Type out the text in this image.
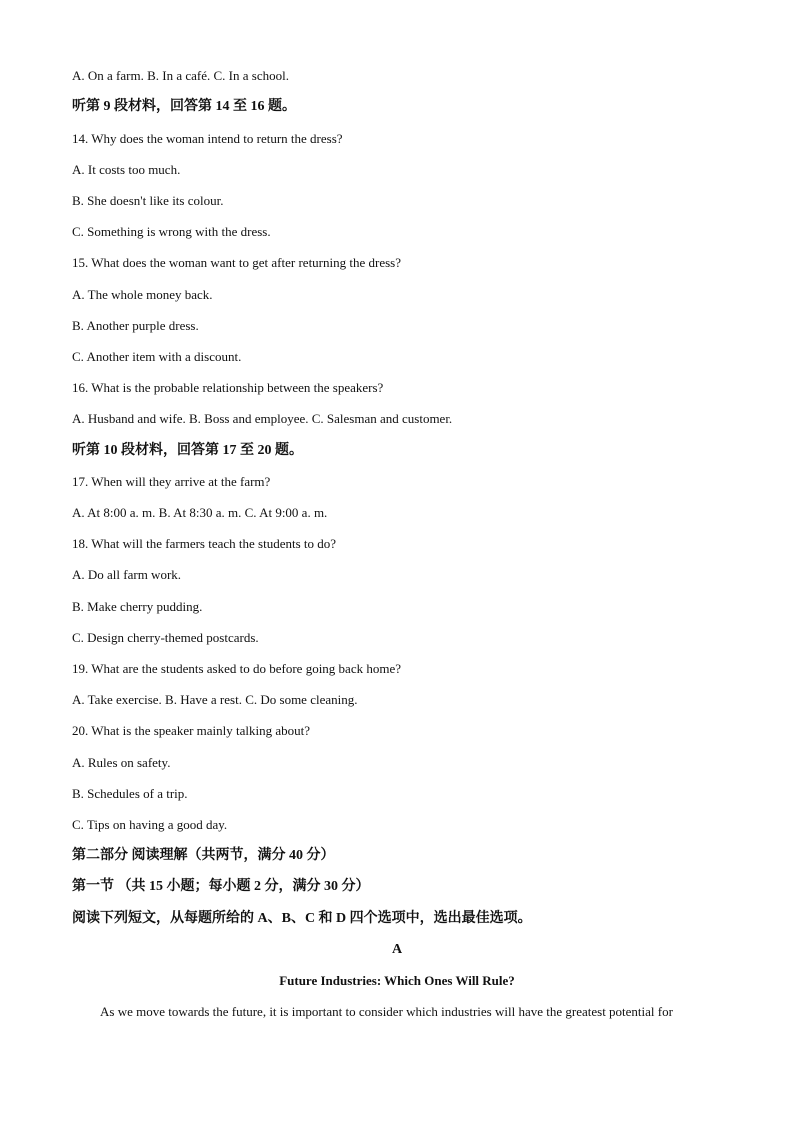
A. On a farm. B. In a café. C. In a school.
听第 9 段材料，回答第 14 至 16 题。
14. Why does the woman intend to return the dress?
A. It costs too much.
B. She doesn't like its colour.
C. Something is wrong with the dress.
15. What does the woman want to get after returning the dress?
A. The whole money back.
B. Another purple dress.
C. Another item with a discount.
16. What is the probable relationship between the speakers?
A. Husband and wife. B. Boss and employee. C. Salesman and customer.
听第 10 段材料，回答第 17 至 20 题。
17. When will they arrive at the farm?
A. At 8:00 a. m. B. At 8:30 a. m. C. At 9:00 a. m.
18. What will the farmers teach the students to do?
A. Do all farm work.
B. Make cherry pudding.
C. Design cherry-themed postcards.
19. What are the students asked to do before going back home?
A. Take exercise. B. Have a rest. C. Do some cleaning.
20. What is the speaker mainly talking about?
A. Rules on safety.
B. Schedules of a trip.
C. Tips on having a good day.
第二部分 阅读理解（共两节，满分 40 分）
第一节 （共 15 小题；每小题 2 分，满分 30 分）
阅读下列短文，从每题所给的 A、B、C 和 D 四个选项中，选出最佳选项。
A
Future Industries: Which Ones Will Rule?
As we move towards the future, it is important to consider which industries will have the greatest potential for
